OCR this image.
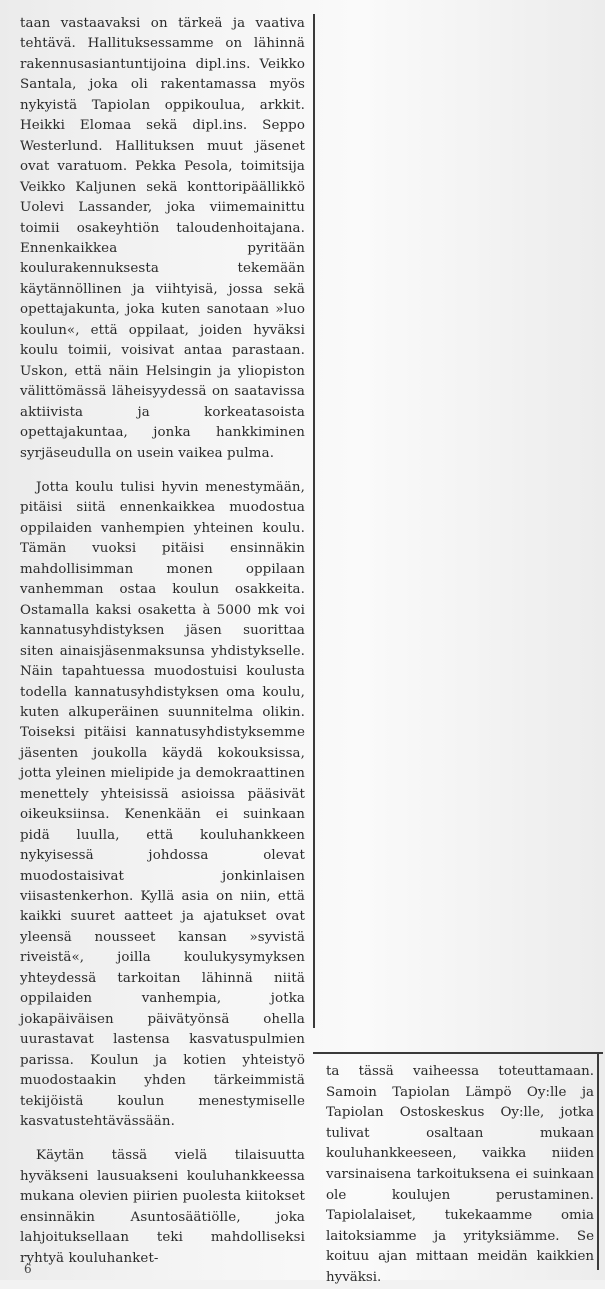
taan vastaavaksi on tärkeä ja vaativa tehtävä. Hallituksessamme on lähinnä rakennusasiantuntijoina dipl.ins. Veikko Santala, joka oli rakentamassa myös nykyistä Tapiolan oppikoulua, arkkit. Heikki Elomaa sekä dipl.ins. Seppo Westerlund. Hallituksen muut jäsenet ovat varatuom. Pekka Pesola, toimitsija Veikko Kaljunen sekä konttoripäällikkö Uolevi Lassander, joka viimemainittu toimii osakeyhtiön taloudenhoitajana. Ennenkaikkea pyritään koulurakennuksesta tekemään käytännöllinen ja viihtyisä, jossa sekä opettajakunta, joka kuten sanotaan »luo koulun«, että oppilaat, joiden hyväksi koulu toimii, voisivat antaa parastaan. Uskon, että näin Helsingin ja yliopiston välittömässä läheisyydessä on saatavissa aktiivista ja korkeatasoista opettajakuntaa, jonka hankkiminen syrjäseudulla on usein vaikea pulma.

Jotta koulu tulisi hyvin menestymään, pitäisi siitä ennenkaikkea muodostua oppilaiden vanhempien yhteinen koulu. Tämän vuoksi pitäisi ensinnäkin mahdollisimman monen oppilaan vanhemman ostaa koulun osakkeita. Ostamalla kaksi osaketta à 5000 mk voi kannatusyhdistyksen jäsen suorittaa siten ainaisjäsenmaksunsa yhdistykselle. Näin tapahtuessa muodostuisi koulusta todella kannatusyhdistyksen oma koulu, kuten alkuperäinen suunnitelma olikin. Toiseksi pitäisi kannatusyhdistyksemme jäsenten joukolla käydä kokouksissa, jotta yleinen mielipide ja demokraattinen menettely yhteisissä asioissa pääsivät oikeuksiinsa. Kenenkään ei suinkaan pidä luulla, että kouluhankkeen nykyisessä johdossa olevat muodostaisivat jonkinlaisen viisastenkerhon. Kyllä asia on niin, että kaikki suuret aatteet ja ajatukset ovat yleensä nousseet kansan »syvistä riveistä«, joilla koulukysymyksen yhteydessä tarkoitan lähinnä niitä oppilaiden vanhempia, jotka jokapäiväisen päivätyönsä ohella uurastavat lastensa kasvatuspulmien parissa. Koulun ja kotien yhteistyö muodostaakin yhden tärkeimmistä tekijöistä koulun menestymiselle kasvatustehtävässään.

Käytän tässä vielä tilaisuutta hyväkseni lausuakseni kouluhankkeessa mukana olevien piirien puolesta kiitokset ensinnäkin Asuntosäätiölle, joka lahjoituksellaan teki mahdolliseksi ryhtyä kouluhanket-

ta tässä vaiheessa toteuttamaan. Samoin Tapiolan Lämpö Oy:lle ja Tapiolan Ostoskeskus Oy:lle, jotka tulivat osaltaan mukaan kouluhankkeeseen, vaikka niiden varsinaisena tarkoituksena ei suinkaan ole koulujen perustaminen. Tapiolalaiset, tukekaamme omia laitoksiamme ja yrityksiämme. Se koituu ajan mittaan meidän kaikkien hyväksi.

6
